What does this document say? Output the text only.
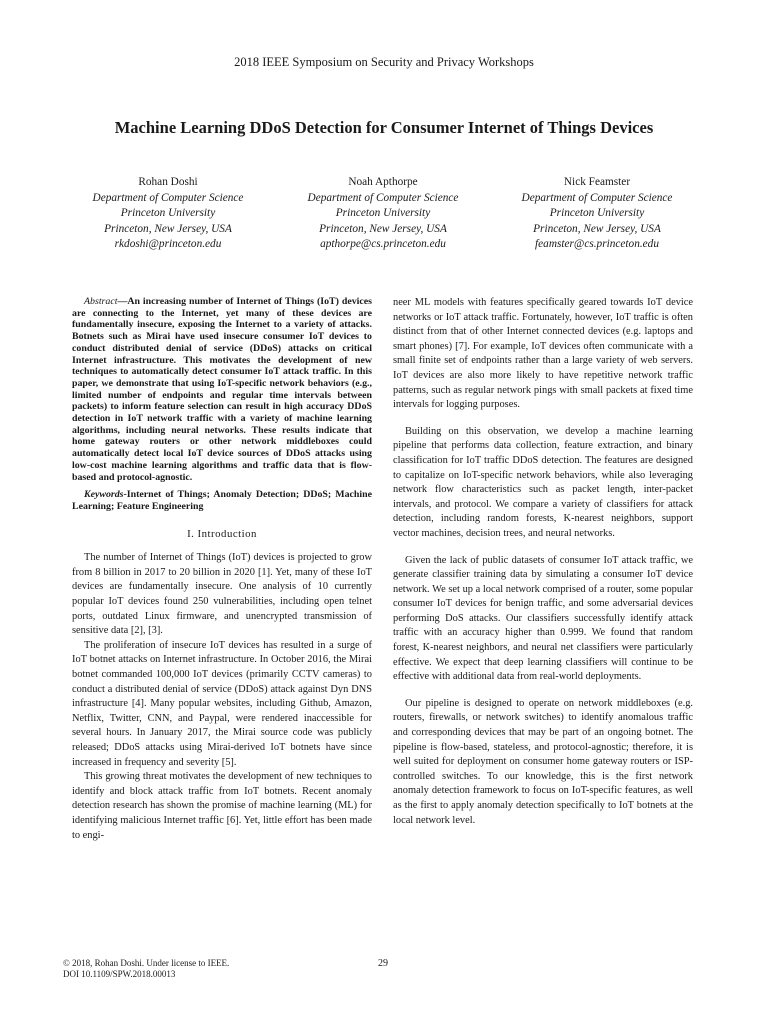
2018 IEEE Symposium on Security and Privacy Workshops
Machine Learning DDoS Detection for Consumer Internet of Things Devices
Rohan Doshi
Department of Computer Science
Princeton University
Princeton, New Jersey, USA
rkdoshi@princeton.edu
Noah Apthorpe
Department of Computer Science
Princeton University
Princeton, New Jersey, USA
apthorpe@cs.princeton.edu
Nick Feamster
Department of Computer Science
Princeton University
Princeton, New Jersey, USA
feamster@cs.princeton.edu
Abstract—An increasing number of Internet of Things (IoT) devices are connecting to the Internet, yet many of these devices are fundamentally insecure, exposing the Internet to a variety of attacks. Botnets such as Mirai have used insecure consumer IoT devices to conduct distributed denial of service (DDoS) attacks on critical Internet infrastructure. This motivates the development of new techniques to automatically detect consumer IoT attack traffic. In this paper, we demonstrate that using IoT-specific network behaviors (e.g., limited number of endpoints and regular time intervals between packets) to inform feature selection can result in high accuracy DDoS detection in IoT network traffic with a variety of machine learning algorithms, including neural networks. These results indicate that home gateway routers or other network middleboxes could automatically detect local IoT device sources of DDoS attacks using low-cost machine learning algorithms and traffic data that is flow-based and protocol-agnostic.
Keywords-Internet of Things; Anomaly Detection; DDoS; Machine Learning; Feature Engineering
I. Introduction

The number of Internet of Things (IoT) devices is projected to grow from 8 billion in 2017 to 20 billion in 2020 [1]. Yet, many of these IoT devices are fundamentally insecure. One analysis of 10 currently popular IoT devices found 250 vulnerabilities, including open telnet ports, outdated Linux firmware, and unencrypted transmission of sensitive data [2], [3].

The proliferation of insecure IoT devices has resulted in a surge of IoT botnet attacks on Internet infrastructure. In October 2016, the Mirai botnet commanded 100,000 IoT devices (primarily CCTV cameras) to conduct a distributed denial of service (DDoS) attack against Dyn DNS infrastructure [4]. Many popular websites, including Github, Amazon, Netflix, Twitter, CNN, and Paypal, were rendered inaccessible for several hours. In January 2017, the Mirai source code was publicly released; DDoS attacks using Mirai-derived IoT botnets have since increased in frequency and severity [5].

This growing threat motivates the development of new techniques to identify and block attack traffic from IoT botnets. Recent anomaly detection research has shown the promise of machine learning (ML) for identifying malicious Internet traffic [6]. Yet, little effort has been made to engi-

neer ML models with features specifically geared towards IoT device networks or IoT attack traffic. Fortunately, however, IoT traffic is often distinct from that of other Internet connected devices (e.g. laptops and smart phones) [7]. For example, IoT devices often communicate with a small finite set of endpoints rather than a large variety of web servers. IoT devices are also more likely to have repetitive network traffic patterns, such as regular network pings with small packets at fixed time intervals for logging purposes.

Building on this observation, we develop a machine learning pipeline that performs data collection, feature extraction, and binary classification for IoT traffic DDoS detection. The features are designed to capitalize on IoT-specific network behaviors, while also leveraging network flow characteristics such as packet length, inter-packet intervals, and protocol. We compare a variety of classifiers for attack detection, including random forests, K-nearest neighbors, support vector machines, decision trees, and neural networks.

Given the lack of public datasets of consumer IoT attack traffic, we generate classifier training data by simulating a consumer IoT device network. We set up a local network comprised of a router, some popular consumer IoT devices for benign traffic, and some adversarial devices performing DoS attacks. Our classifiers successfully identify attack traffic with an accuracy higher than 0.999. We found that random forest, K-nearest neighbors, and neural net classifiers were particularly effective. We expect that deep learning classifiers will continue to be effective with additional data from real-world deployments.

Our pipeline is designed to operate on network middleboxes (e.g. routers, firewalls, or network switches) to identify anomalous traffic and corresponding devices that may be part of an ongoing botnet. The pipeline is flow-based, stateless, and protocol-agnostic; therefore, it is well suited for deployment on consumer home gateway routers or ISP-controlled switches. To our knowledge, this is the first network anomaly detection framework to focus on IoT-specific features, as well as the first to apply anomaly detection specifically to IoT botnets at the local network level.

© 2018, Rohan Doshi. Under license to IEEE.
DOI 10.1109/SPW.2018.00013
29
